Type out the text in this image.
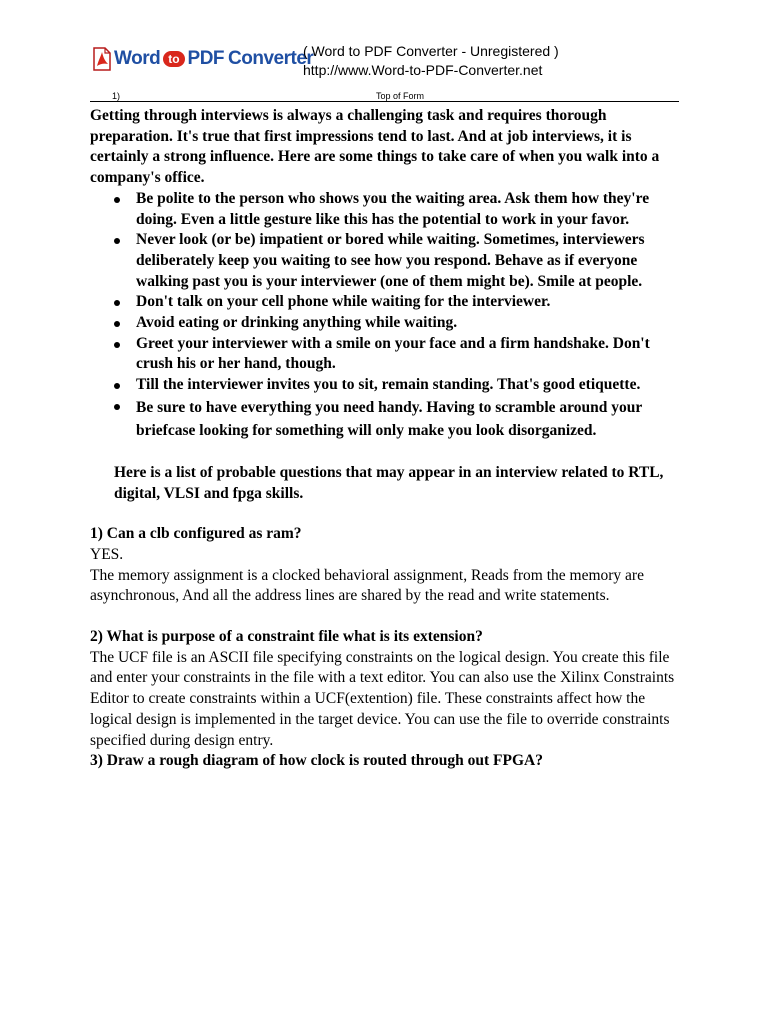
Word to PDF Converter
( Word to PDF Converter - Unregistered )
http://www.Word-to-PDF-Converter.net
1)	Top of Form

Getting through interviews is always a challenging task and requires thorough preparation. It's true that first impressions tend to last. And at job interviews, it is certainly a strong influence. Here are some things to take care of when you walk into a company's office.

Be polite to the person who shows you the waiting area. Ask them how they're doing. Even a little gesture like this has the potential to work in your favor.
Never look (or be) impatient or bored while waiting. Sometimes, interviewers deliberately keep you waiting to see how you respond. Behave as if everyone walking past you is your interviewer (one of them might be). Smile at people.
Don't talk on your cell phone while waiting for the interviewer.
Avoid eating or drinking anything while waiting.
Greet your interviewer with a smile on your face and a firm handshake. Don't crush his or her hand, though.
Till the interviewer invites you to sit, remain standing. That's good etiquette.
Be sure to have everything you need handy. Having to scramble around your briefcase looking for something will only make you look disorganized.

Here is a list of probable questions that may appear in an interview related to RTL, digital, VLSI and fpga skills.

1) Can a clb configured as ram?

YES.

The memory assignment is a clocked behavioral assignment, Reads from the memory are asynchronous, And all the address lines are shared by the read and write statements.

2) What is purpose of a constraint file what is its extension?

The UCF file is an ASCII file specifying constraints on the logical design. You create this file and enter your constraints in the file with a text editor. You can also use the Xilinx Constraints Editor to create constraints within a UCF(extention) file. These constraints affect how the logical design is implemented in the target device. You can use the file to override constraints specified during design entry.

3) Draw a rough diagram of how clock is routed through out FPGA?
